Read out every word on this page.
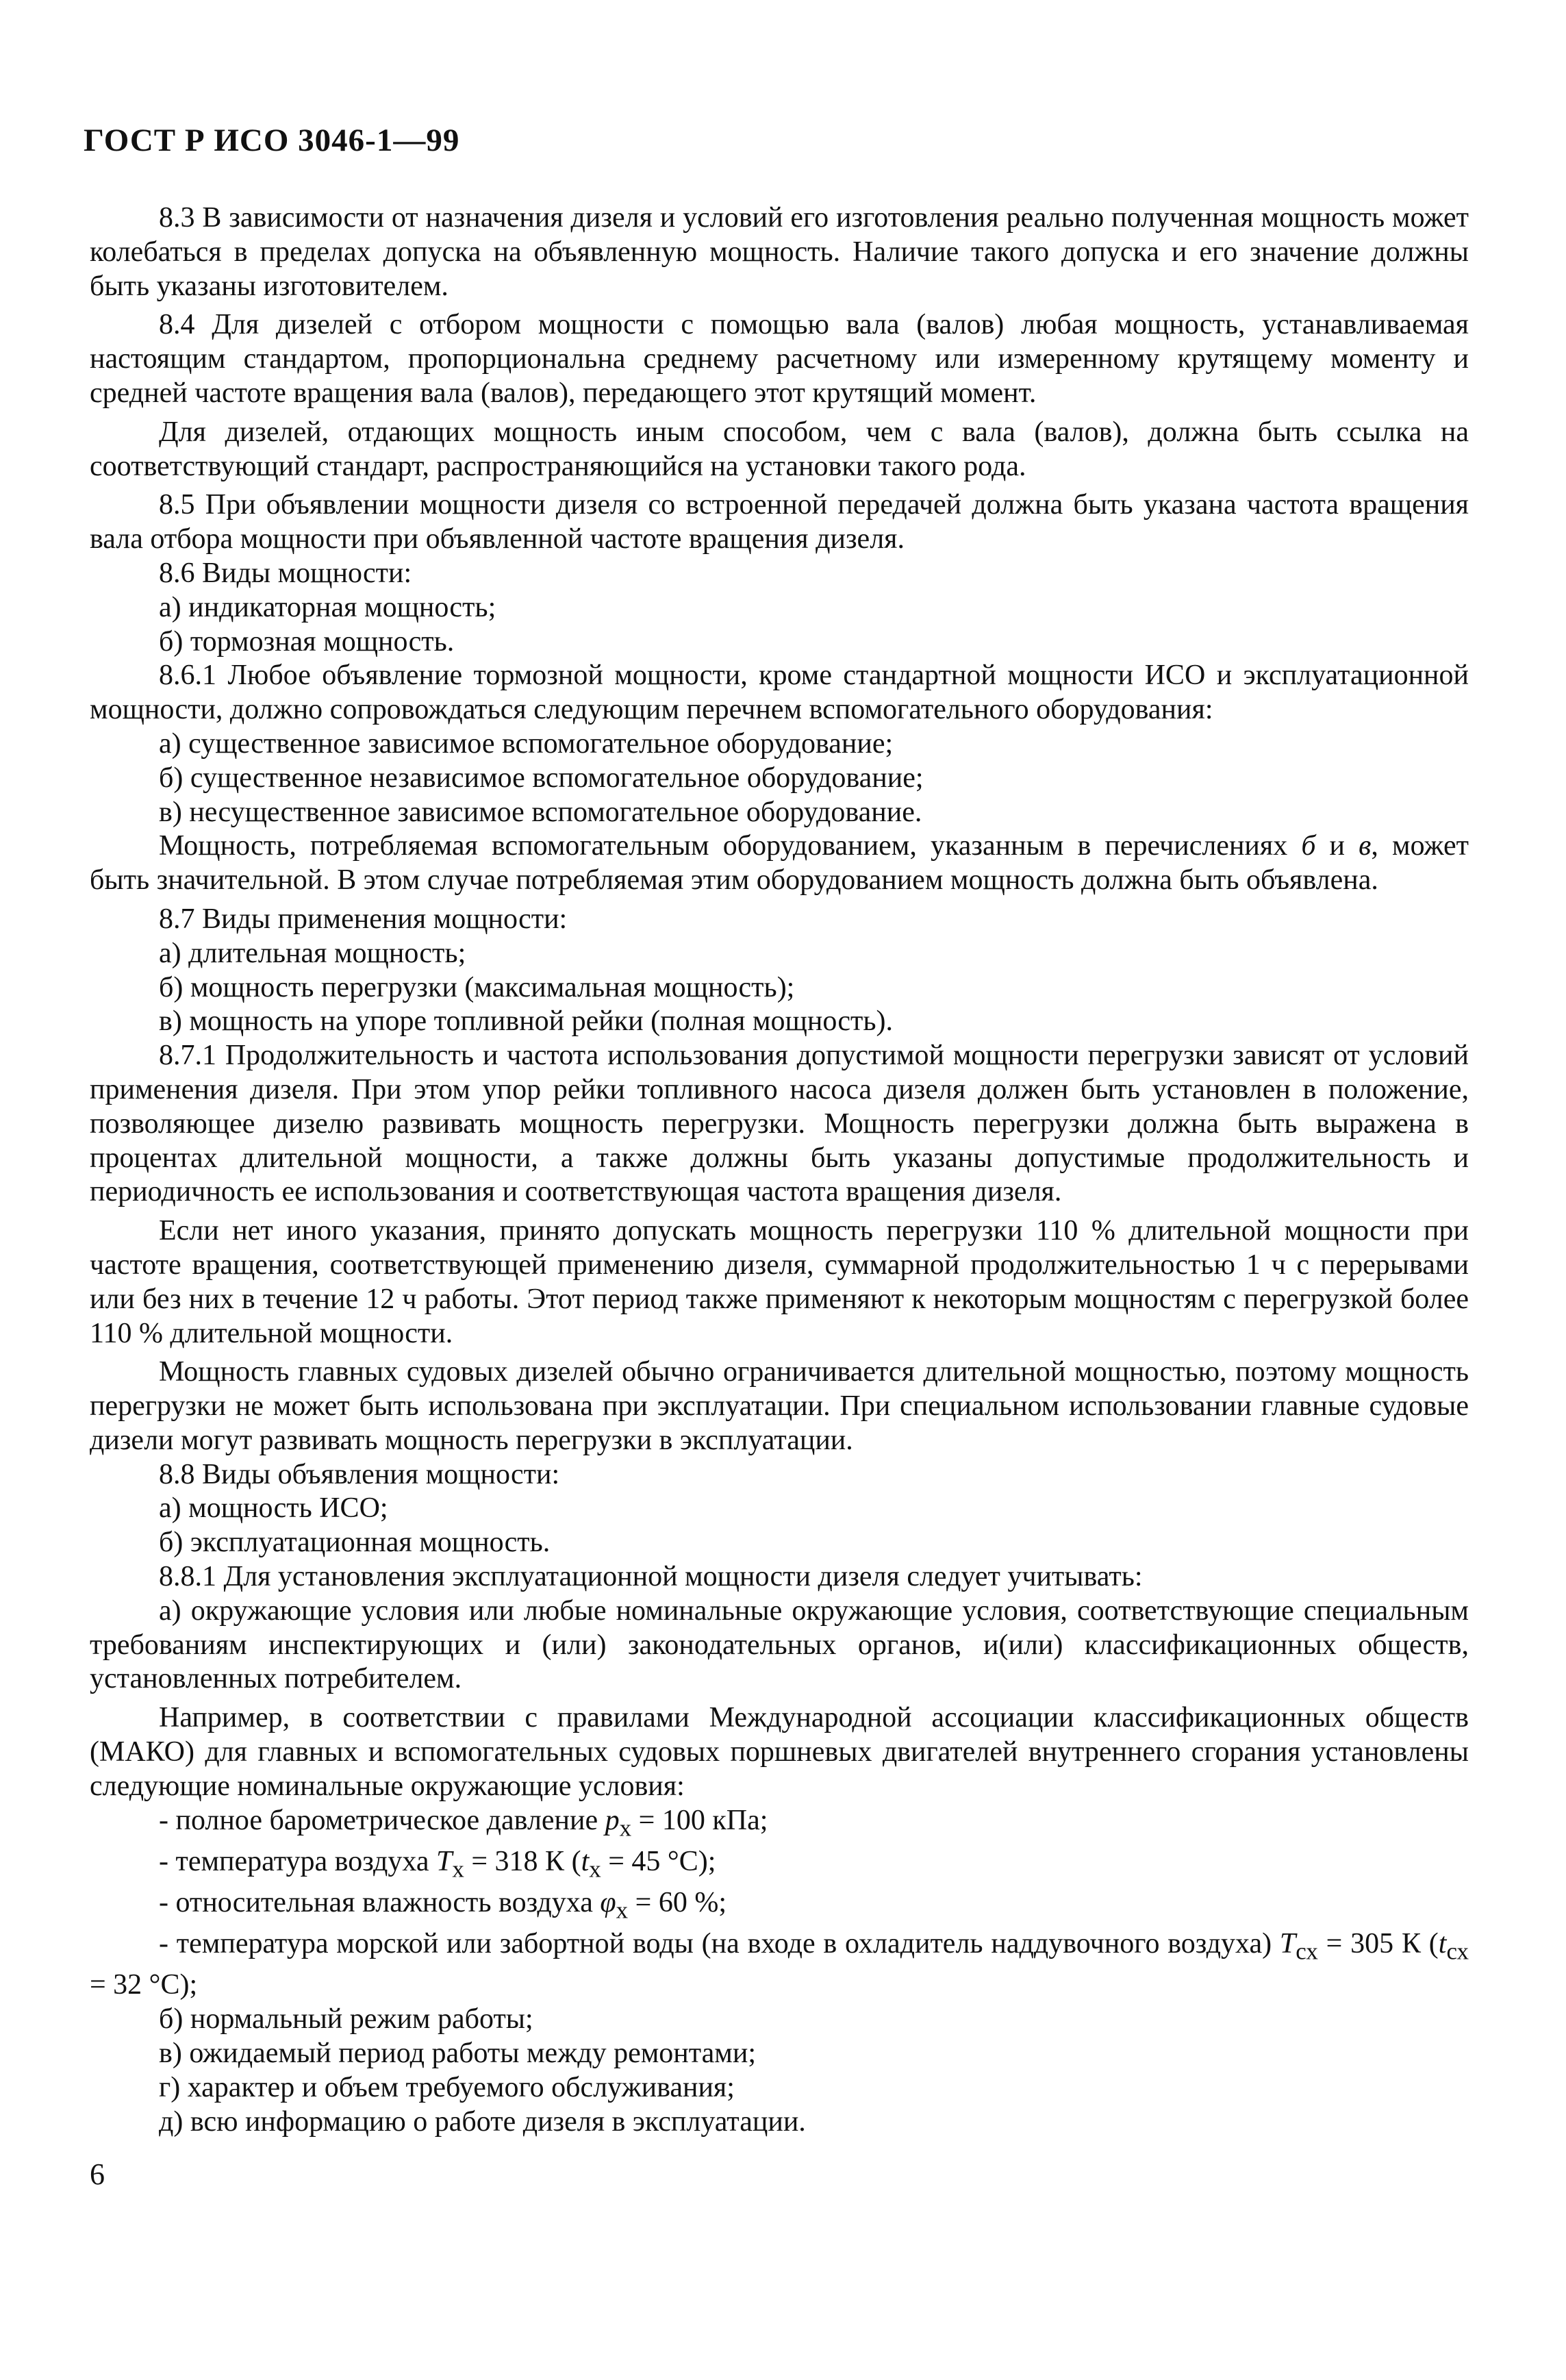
ГОСТ Р ИСО 3046-1—99

8.3 В зависимости от назначения дизеля и условий его изготовления реально полученная мощность может колебаться в пределах допуска на объявленную мощность. Наличие такого допуска и его значение должны быть указаны изготовителем.

8.4 Для дизелей с отбором мощности с помощью вала (валов) любая мощность, устанавливаемая настоящим стандартом, пропорциональна среднему расчетному или измеренному крутящему моменту и средней частоте вращения вала (валов), передающего этот крутящий момент.

Для дизелей, отдающих мощность иным способом, чем с вала (валов), должна быть ссылка на соответствующий стандарт, распространяющийся на установки такого рода.

8.5 При объявлении мощности дизеля со встроенной передачей должна быть указана частота вращения вала отбора мощности при объявленной частоте вращения дизеля.

8.6 Виды мощности:

а) индикаторная мощность;

б) тормозная мощность.

8.6.1 Любое объявление тормозной мощности, кроме стандартной мощности ИСО и эксплуатационной мощности, должно сопровождаться следующим перечнем вспомогательного оборудования:

а) существенное зависимое вспомогательное оборудование;

б) существенное независимое вспомогательное оборудование;

в) несущественное зависимое вспомогательное оборудование.

Мощность, потребляемая вспомогательным оборудованием, указанным в перечислениях б и в, может быть значительной. В этом случае потребляемая этим оборудованием мощность должна быть объявлена.

8.7 Виды применения мощности:

а) длительная мощность;

б) мощность перегрузки (максимальная мощность);

в) мощность на упоре топливной рейки (полная мощность).

8.7.1 Продолжительность и частота использования допустимой мощности перегрузки зависят от условий применения дизеля. При этом упор рейки топливного насоса дизеля должен быть установлен в положение, позволяющее дизелю развивать мощность перегрузки. Мощность перегрузки должна быть выражена в процентах длительной мощности, а также должны быть указаны допустимые продолжительность и периодичность ее использования и соответствующая частота вращения дизеля.

Если нет иного указания, принято допускать мощность перегрузки 110 % длительной мощности при частоте вращения, соответствующей применению дизеля, суммарной продолжительностью 1 ч с перерывами или без них в течение 12 ч работы. Этот период также применяют к некоторым мощностям с перегрузкой более 110 % длительной мощности.

Мощность главных судовых дизелей обычно ограничивается длительной мощностью, поэтому мощность перегрузки не может быть использована при эксплуатации. При специальном использовании главные судовые дизели могут развивать мощность перегрузки в эксплуатации.

8.8 Виды объявления мощности:

а) мощность ИСО;

б) эксплуатационная мощность.

8.8.1 Для установления эксплуатационной мощности дизеля следует учитывать:

а) окружающие условия или любые номинальные окружающие условия, соответствующие специальным требованиям инспектирующих и (или) законодательных органов, и(или) классификационных обществ, установленных потребителем.

Например, в соответствии с правилами Международной ассоциации классификационных обществ (МАКО) для главных и вспомогательных судовых поршневых двигателей внутреннего сгорания установлены следующие номинальные окружающие условия:

- полное барометрическое давление $p_x = 100$ кПа;

- температура воздуха $T_x = 318$ К ($t_x = 45$ °С);

- относительная влажность воздуха $\varphi_x = 60$ %;

- температура морской или забортной воды (на входе в охладитель наддувочного воздуха) $T_{сх} = 305$ К ($t_{сх} = 32$ °С);

б) нормальный режим работы;

в) ожидаемый период работы между ремонтами;

г) характер и объем требуемого обслуживания;

д) всю информацию о работе дизеля в эксплуатации.

6
